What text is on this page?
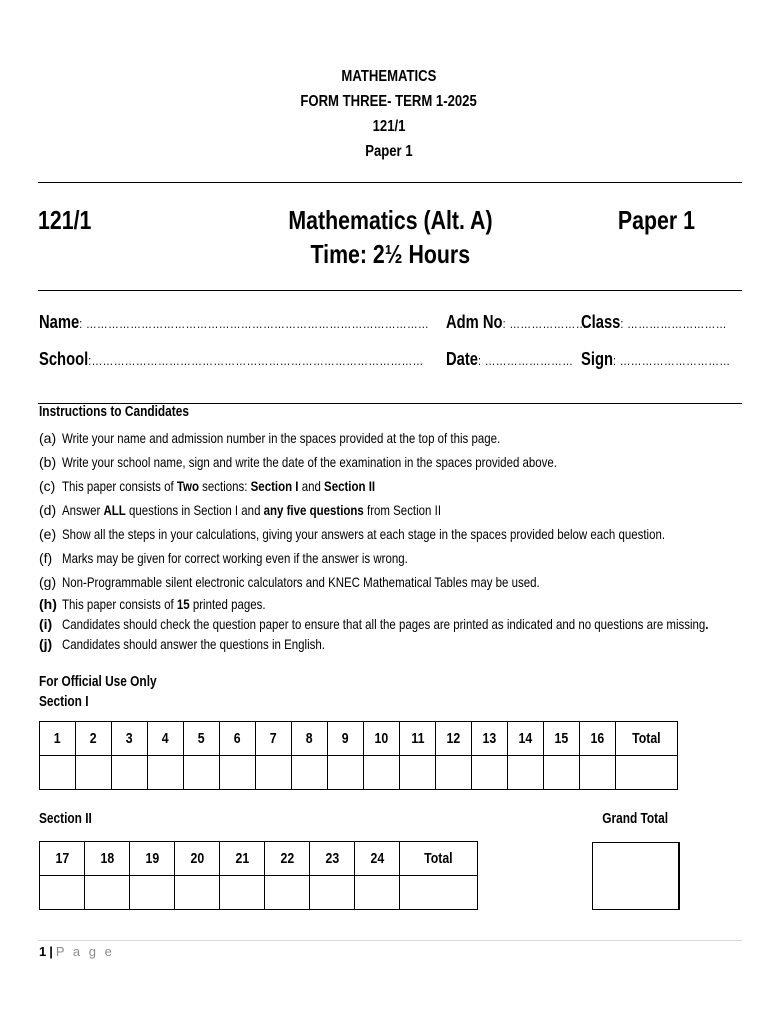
MATHEMATICS
FORM THREE- TERM 1-2025
121/1
Paper 1
121/1	Mathematics (Alt. A)	Paper 1
Time: 2½ Hours
Name: ………………………………………………………………………………… Adm No: …………………
Class: ………………………
School:………………………………………………………………………………	Date: …………………… Sign: …………………………
Instructions to Candidates
(a) Write your name and admission number in the spaces provided at the top of this page.
(b) Write your school name, sign and write the date of the examination in the spaces provided above.
(c) This paper consists of Two sections: Section I and Section II
(d) Answer ALL questions in Section I and any five questions from Section II
(e) Show all the steps in your calculations, giving your answers at each stage in the spaces provided below each question.
(f) Marks may be given for correct working even if the answer is wrong.
(g) Non-Programmable silent electronic calculators and KNEC Mathematical Tables may be used.
(h) This paper consists of 15 printed pages.
(i) Candidates should check the question paper to ensure that all the pages are printed as indicated and no questions are missing.
(j) Candidates should answer the questions in English.
For Official Use Only
Section I
1	2	3	4	5	6	7	8	9	10	11	12	13	14	15	16	Total

Section II	Grand Total
17	18	19	20	21	22	23	24	Total

1 | P a g e
